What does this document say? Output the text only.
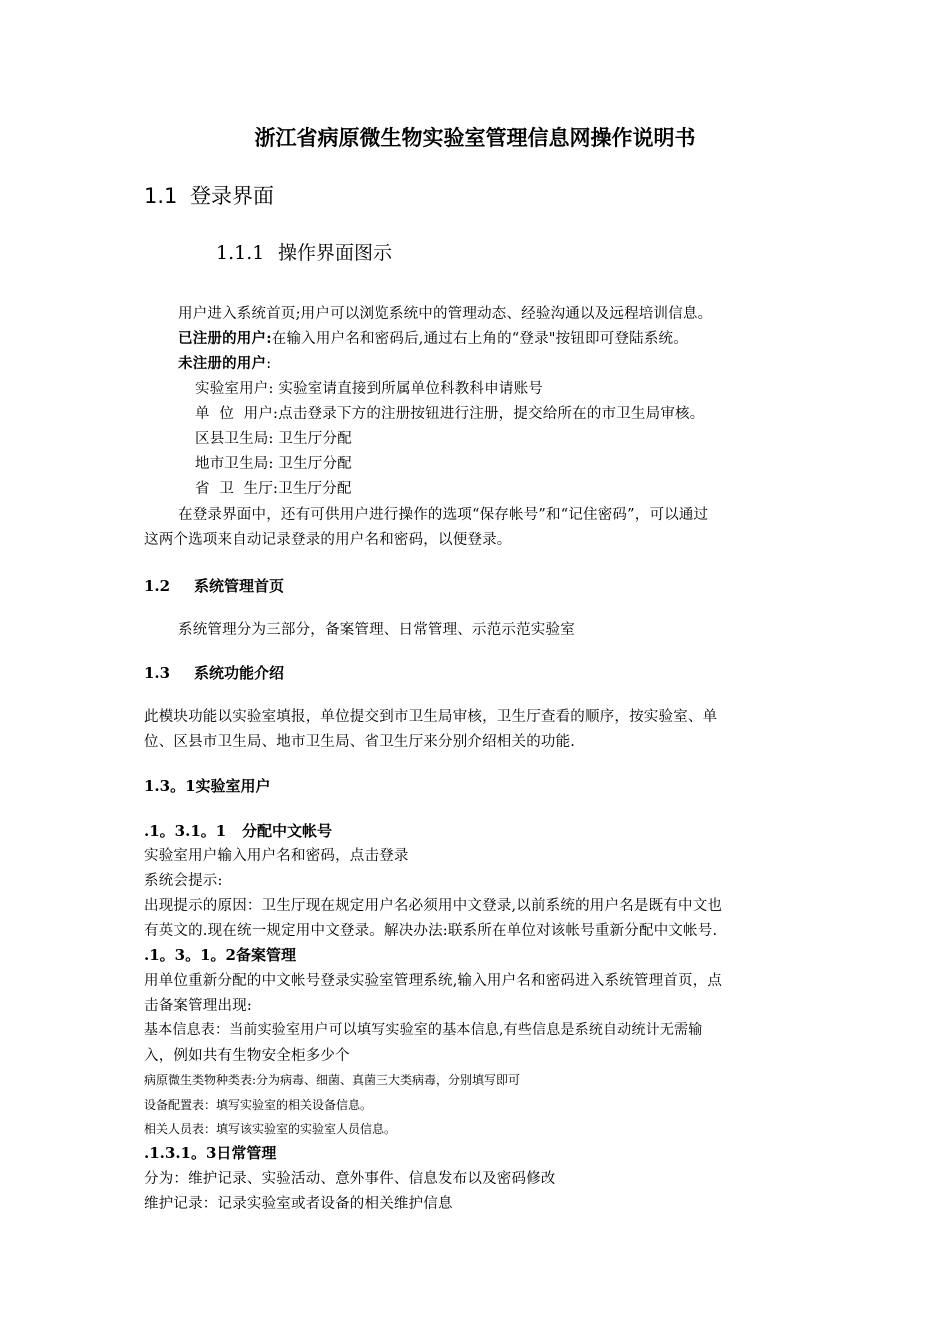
浙江省病原微生物实验室管理信息网操作说明书
1.1 登录界面
1.1.1 操作界面图示
用户进入系统首页;用户可以浏览系统中的管理动态、经验沟通以及远程培训信息。
已注册的用户:在输入用户名和密码后,通过右上角的“登录"按钮即可登陆系统。
未注册的用户:
实验室用户: 实验室请直接到所属单位科教科申请账号
单  位  用户:点击登录下方的注册按钮进行注册，提交给所在的市卫生局审核。
区县卫生局: 卫生厅分配
地市卫生局: 卫生厅分配
省  卫  生厅:卫生厅分配
在登录界面中，还有可供用户进行操作的选项“保存帐号”和“记住密码”，可以通过
这两个选项来自动记录登录的用户名和密码，以便登录。
1.2 系统管理首页
系统管理分为三部分，备案管理、日常管理、示范示范实验室
1.3 系统功能介绍
此模块功能以实验室填报，单位提交到市卫生局审核，卫生厅查看的顺序，按实验室、单
位、区县市卫生局、地市卫生局、省卫生厅来分别介绍相关的功能.
1.3。1实验室用户
.1。3.1。1 分配中文帐号
实验室用户输入用户名和密码，点击登录
系统会提示:
出现提示的原因：卫生厅现在规定用户名必须用中文登录,以前系统的用户名是既有中文也
有英文的.现在统一规定用中文登录。解决办法:联系所在单位对该帐号重新分配中文帐号.
.1。3。1。2备案管理
用单位重新分配的中文帐号登录实验室管理系统,输入用户名和密码进入系统管理首页，点
击备案管理出现:
基本信息表：当前实验室用户可以填写实验室的基本信息,有些信息是系统自动统计无需输
入，例如共有生物安全柜多少个
病原微生类物种类表:分为病毒、细菌、真菌三大类病毒，分别填写即可
设备配置表：填写实验室的相关设备信息。
相关人员表：填写该实验室的实验室人员信息。
.1.3.1。3日常管理
分为：维护记录、实验活动、意外事件、信息发布以及密码修改
维护记录：记录实验室或者设备的相关维护信息
